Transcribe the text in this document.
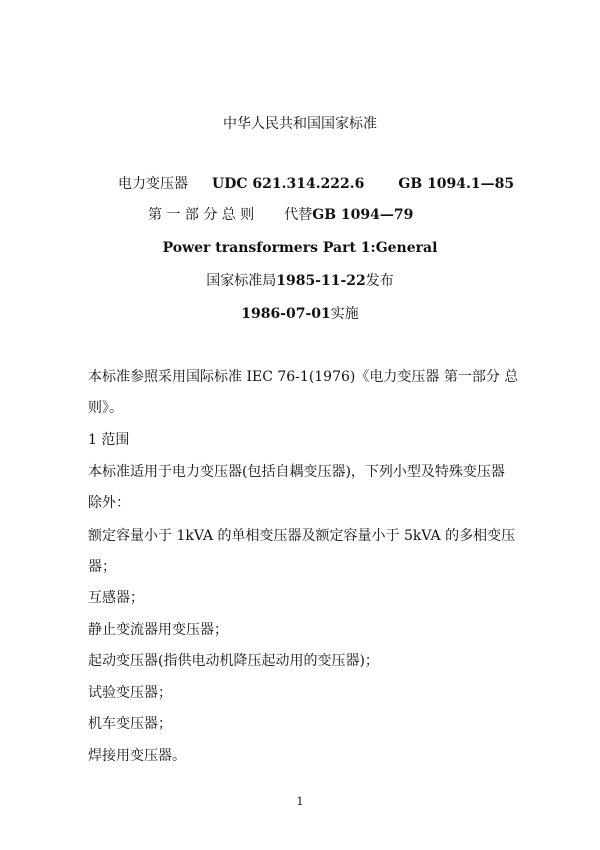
中华人民共和国国家标准
电力变压器 UDC 621.314.222.6 GB 1094.1—85
第 一 部 分 总 则 代替GB 1094—79
Power transformers Part 1:General
国家标准局1985-11-22发布
1986-07-01实施
本标准参照采用国际标准 IEC 76-1(1976)《电力变压器 第一部分 总
则》。
1 范围
本标准适用于电力变压器(包括自耦变压器)，下列小型及特殊变压器
除外：
额定容量小于 1kVA 的单相变压器及额定容量小于 5kVA 的多相变压
器；
互感器；
静止变流器用变压器；
起动变压器(指供电动机降压起动用的变压器)；
试验变压器；
机车变压器；
焊接用变压器。
1
